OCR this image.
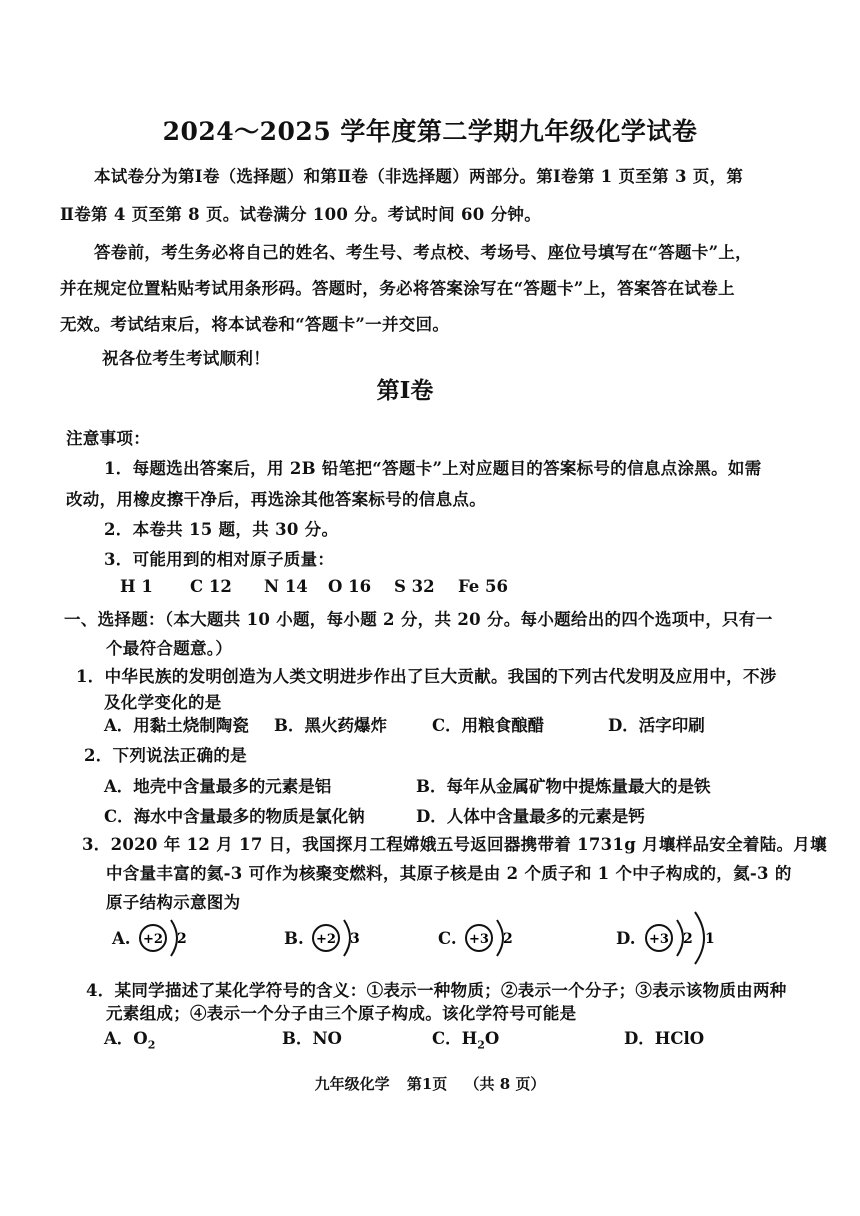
2024～2025 学年度第二学期九年级化学试卷
本试卷分为第Ⅰ卷（选择题）和第Ⅱ卷（非选择题）两部分。第Ⅰ卷第 1 页至第 3 页，第
Ⅱ卷第 4 页至第 8 页。试卷满分 100 分。考试时间 60 分钟。
答卷前，考生务必将自己的姓名、考生号、考点校、考场号、座位号填写在“答题卡”上，
并在规定位置粘贴考试用条形码。答题时，务必将答案涂写在“答题卡”上，答案答在试卷上
无效。考试结束后，将本试卷和“答题卡”一并交回。
祝各位考生考试顺利！
第Ⅰ卷
注意事项：
1．每题选出答案后，用 2B 铅笔把“答题卡”上对应题目的答案标号的信息点涂黑。如需
改动，用橡皮擦干净后，再选涂其他答案标号的信息点。
2．本卷共 15 题，共 30 分。
3．可能用到的相对原子质量：
H 1 C 12 N 14 O 16 S 32 Fe 56
一、选择题：（本大题共 10 小题，每小题 2 分，共 20 分。每小题给出的四个选项中，只有一
个最符合题意。）
1．中华民族的发明创造为人类文明进步作出了巨大贡献。我国的下列古代发明及应用中，不涉
及化学变化的是
A．用黏土烧制陶瓷 B．黑火药爆炸	C．用粮食酿醋	D．活字印刷
2．下列说法正确的是
A．地壳中含量最多的元素是铝	B．每年从金属矿物中提炼量最大的是铁
C．海水中含量最多的物质是氯化钠	D．人体中含量最多的元素是钙
3．2020 年 12 月 17 日，我国探月工程嫦娥五号返回器携带着 1731g 月壤样品安全着陆。月壤
中含量丰富的氦-3 可作为核聚变燃料，其原子核是由 2 个质子和 1 个中子构成的，氦-3 的
原子结构示意图为
A. +2 2	B. +2 3	C. +3 2	D. +3 2 1
4．某同学描述了某化学符号的含义：①表示一种物质；②表示一个分子；③表示该物质由两种
元素组成；④表示一个分子由三个原子构成。该化学符号可能是
A．$O_2$	B．NO	C．$H_2O$	D．HClO
九年级化学 第1页 （共 8 页）
